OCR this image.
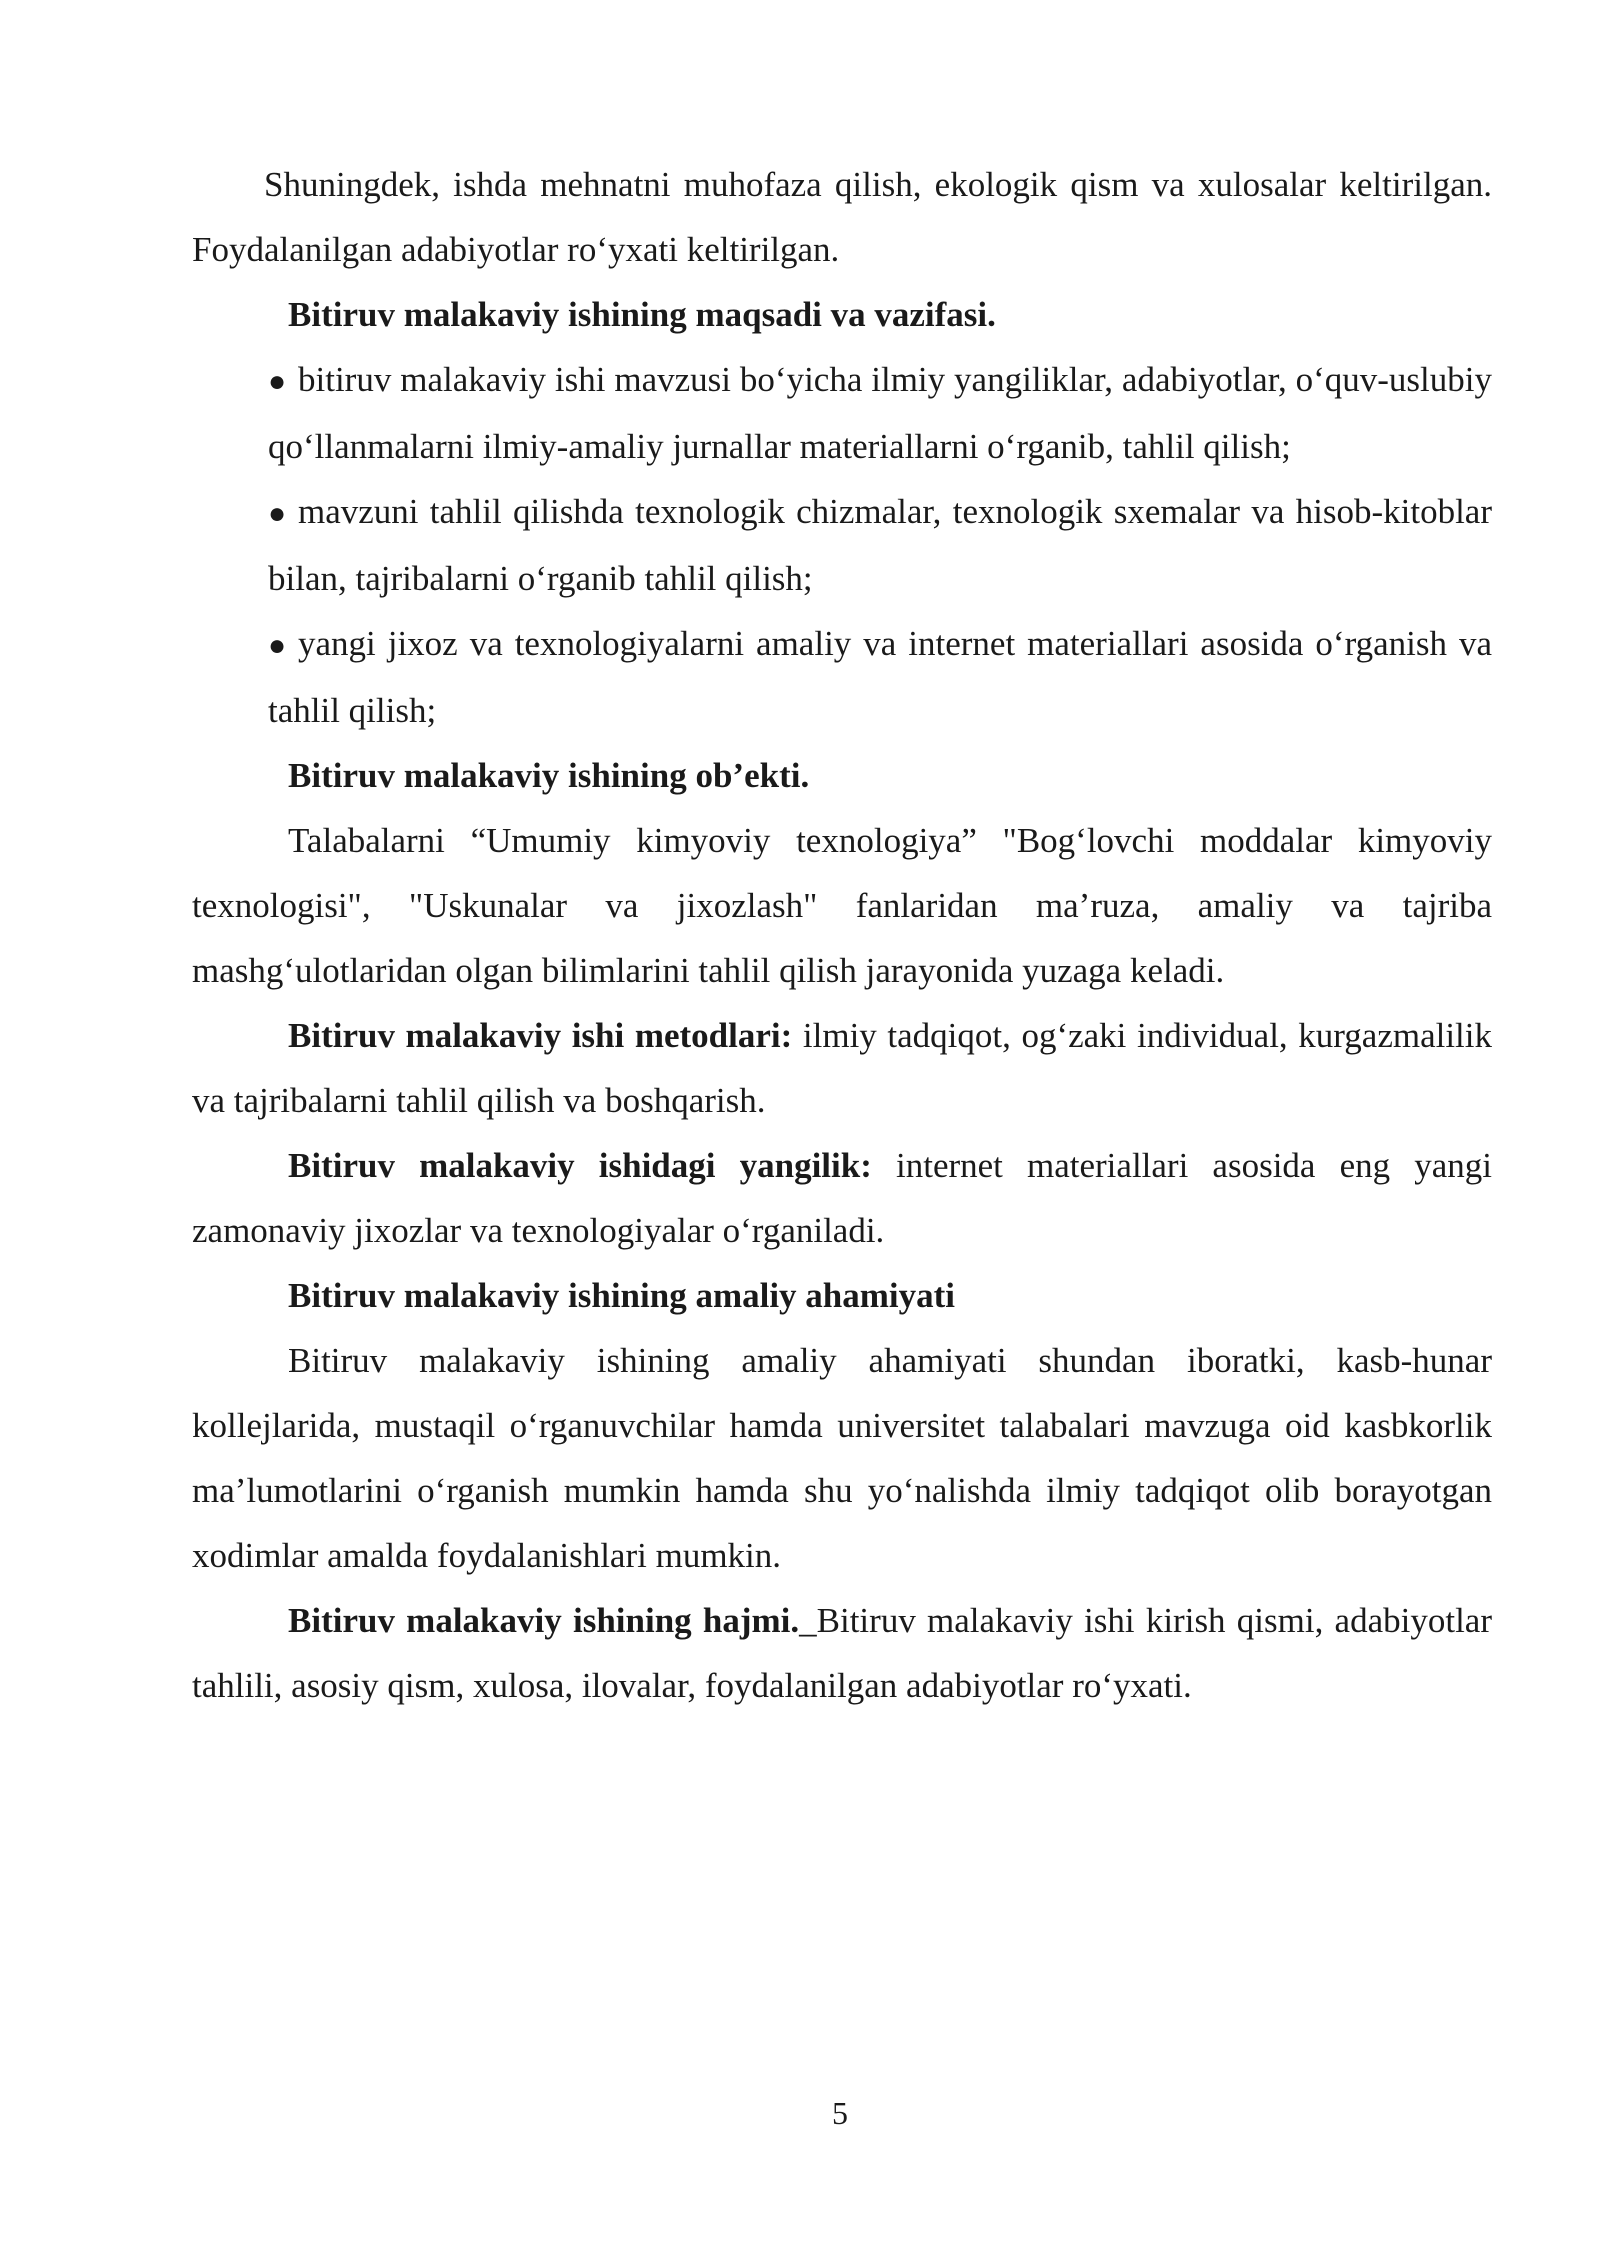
Shuningdek, ishda mehnatni muhofaza qilish, ekologik qism va xulosalar keltirilgan. Foydalanilgan adabiyotlar ro‘yxati keltirilgan.

Bitiruv malakaviy ishining maqsadi va vazifasi.

● bitiruv malakaviy ishi mavzusi bo‘yicha ilmiy yangiliklar, adabiyotlar, o‘quv-uslubiy qo‘llanmalarni ilmiy-amaliy jurnallar materiallarni o‘rganib, tahlil qilish;
● mavzuni tahlil qilishda texnologik chizmalar, texnologik sxemalar va hisob-kitoblar bilan, tajribalarni o‘rganib tahlil qilish;
● yangi jixoz va texnologiyalarni amaliy va internet materiallari asosida o‘rganish va tahlil qilish;

Bitiruv malakaviy ishining ob’ekti.

Talabalarni “Umumiy kimyoviy texnologiya” "Bog‘lovchi moddalar kimyoviy texnologisi", "Uskunalar va jixozlash" fanlaridan ma’ruza, amaliy va tajriba mashg‘ulotlaridan olgan bilimlarini tahlil qilish jarayonida yuzaga keladi.

Bitiruv malakaviy ishi metodlari: ilmiy tadqiqot, og‘zaki individual, kurgazmalilik va tajribalarni tahlil qilish va boshqarish.

Bitiruv malakaviy ishidagi yangilik: internet materiallari asosida eng yangi zamonaviy jixozlar va texnologiyalar o‘rganiladi.

Bitiruv malakaviy ishining amaliy ahamiyati

Bitiruv malakaviy ishining amaliy ahamiyati shundan iboratki, kasb-hunar kollejlarida, mustaqil o‘rganuvchilar hamda universitet talabalari mavzuga oid kasbkorlik ma’lumotlarini o‘rganish mumkin hamda shu yo‘nalishda ilmiy tadqiqot olib borayotgan xodimlar amalda foydalanishlari mumkin.

Bitiruv malakaviy ishining hajmi._Bitiruv malakaviy ishi kirish qismi, adabiyotlar tahlili, asosiy qism, xulosa, ilovalar, foydalanilgan adabiyotlar ro‘yxati.

5
